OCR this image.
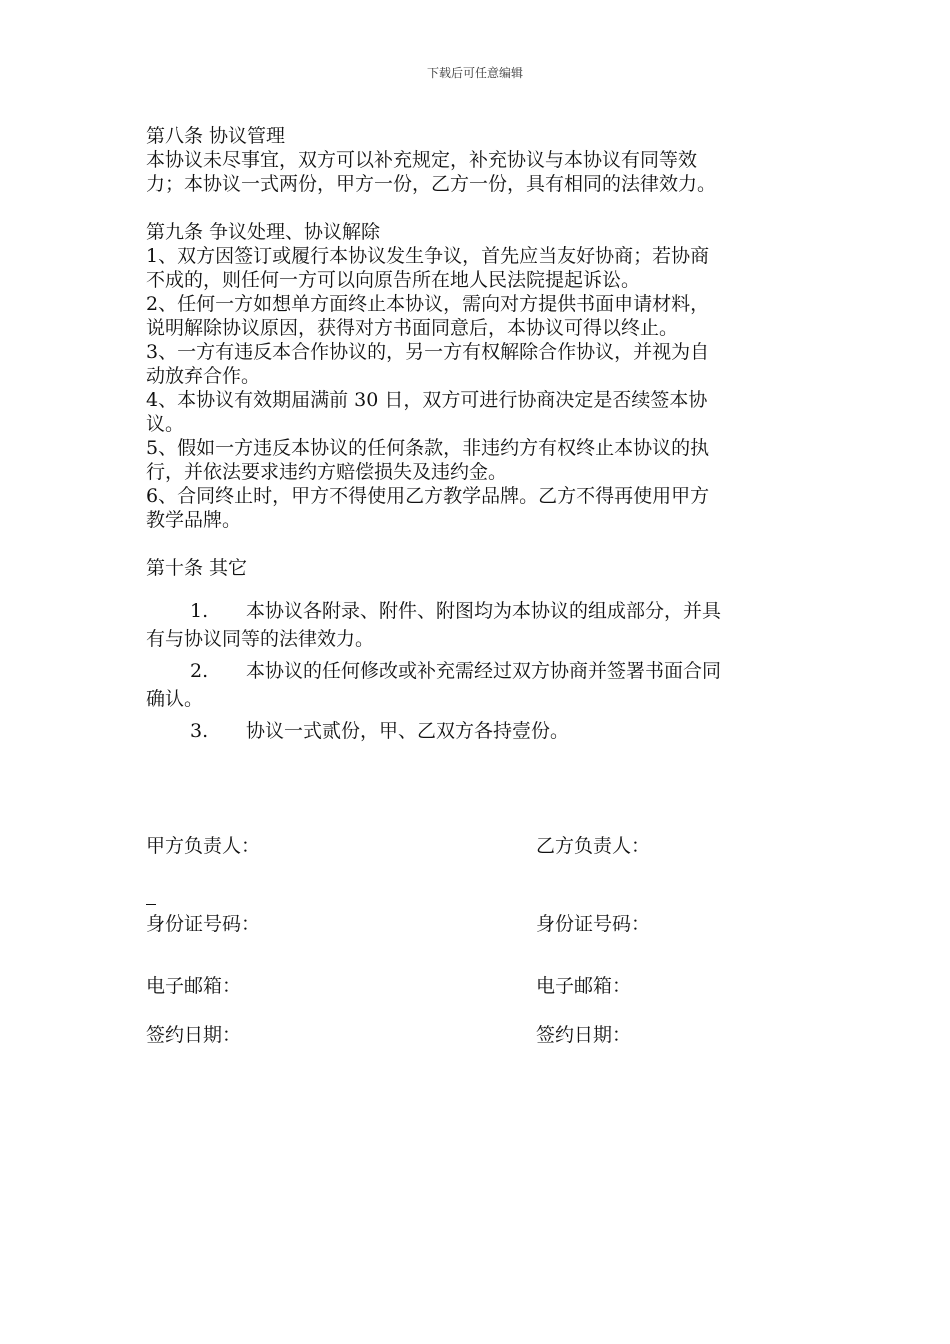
下载后可任意编辑

第八条 协议管理

本协议未尽事宜，双方可以补充规定，补充协议与本协议有同等效

力；本协议一式两份，甲方一份，乙方一份，具有相同的法律效力。

第九条 争议处理、协议解除

1、双方因签订或履行本协议发生争议，首先应当友好协商；若协商

不成的，则任何一方可以向原告所在地人民法院提起诉讼。

2、任何一方如想单方面终止本协议，需向对方提供书面申请材料，

说明解除协议原因，获得对方书面同意后，本协议可得以终止。

3、一方有违反本合作协议的，另一方有权解除合作协议，并视为自

动放弃合作。

4、本协议有效期届满前 30 日，双方可进行协商决定是否续签本协

议。

5、假如一方违反本协议的任何条款，非违约方有权终止本协议的执

行，并依法要求违约方赔偿损失及违约金。

6、合同终止时，甲方不得使用乙方教学品牌。乙方不得再使用甲方

教学品牌。

第十条 其它

1. 本协议各附录、附件、附图均为本协议的组成部分，并具

有与协议同等的法律效力。

2. 本协议的任何修改或补充需经过双方协商并签署书面合同

确认。

3. 协议一式贰份，甲、乙双方各持壹份。

甲方负责人：	乙方负责人：
身份证号码：	身份证号码：
电子邮箱：	电子邮箱：
签约日期：	签约日期：
